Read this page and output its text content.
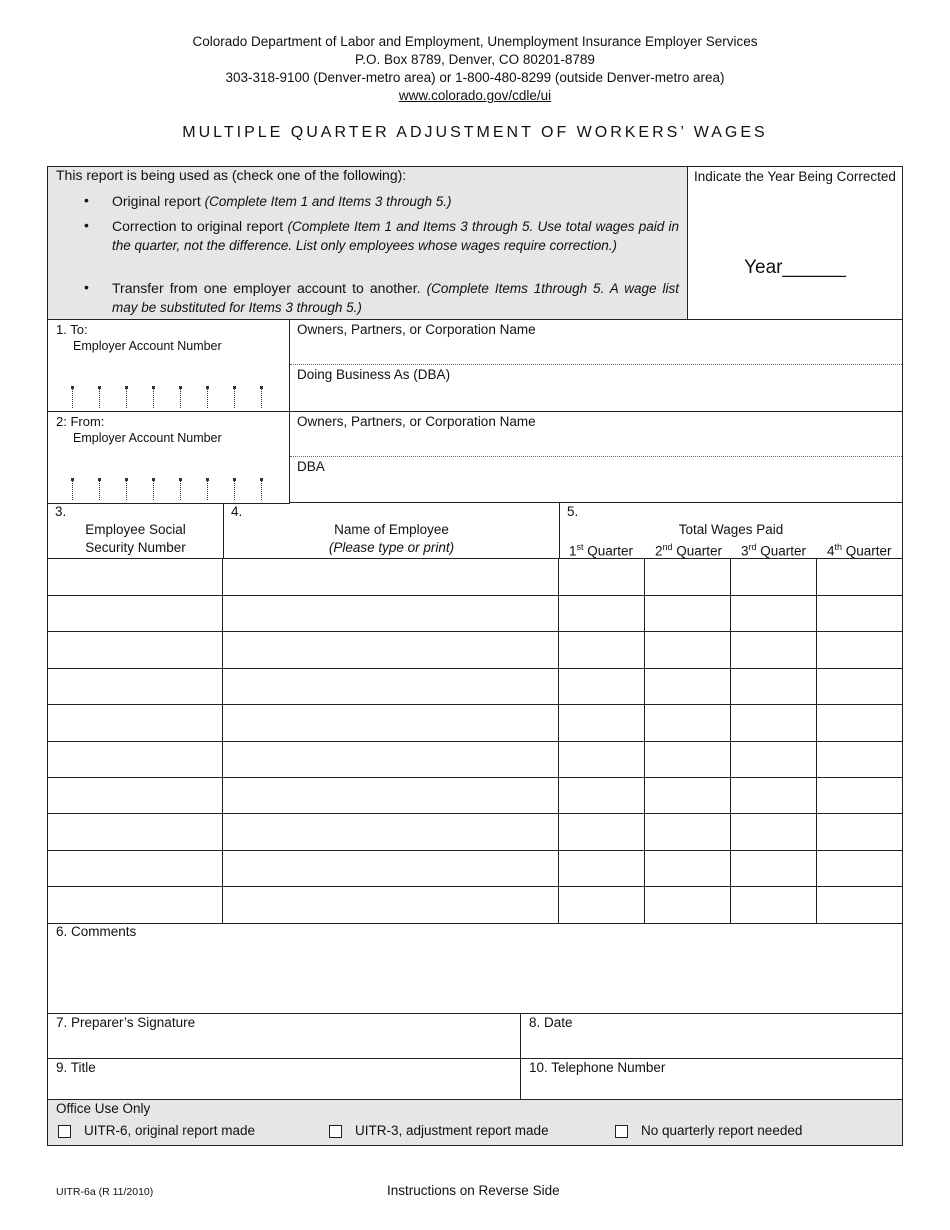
Colorado Department of Labor and Employment, Unemployment Insurance Employer Services
P.O. Box 8789, Denver, CO 80201-8789
303-318-9100 (Denver-metro area) or 1-800-480-8299 (outside Denver-metro area)
www.colorado.gov/cdle/ui
MULTIPLE QUARTER ADJUSTMENT OF WORKERS’ WAGES
This report is being used as (check one of the following):
• Original report (Complete Item 1 and Items 3 through 5.)
• Correction to original report (Complete Item 1 and Items 3 through 5. Use total wages paid in the quarter, not the difference. List only employees whose wages require correction.)
• Transfer from one employer account to another. (Complete Items 1through 5. A wage list may be substituted for Items 3 through 5.)
Indicate the Year Being Corrected
Year______
1. To:
Employer Account Number
Owners, Partners, or Corporation Name
Doing Business As (DBA)
2: From:
Employer Account Number
Owners, Partners, or Corporation Name
DBA
3.
Employee Social
Security Number
4.
Name of Employee
(Please type or print)
5.
Total Wages Paid
1st Quarter	2nd Quarter	3rd Quarter	4th Quarter
6. Comments
7. Preparer’s Signature	8. Date
9. Title	10. Telephone Number
Office Use Only
UITR-6, original report made	UITR-3, adjustment report made	No quarterly report needed
UITR-6a (R 11/2010)	Instructions on Reverse Side
